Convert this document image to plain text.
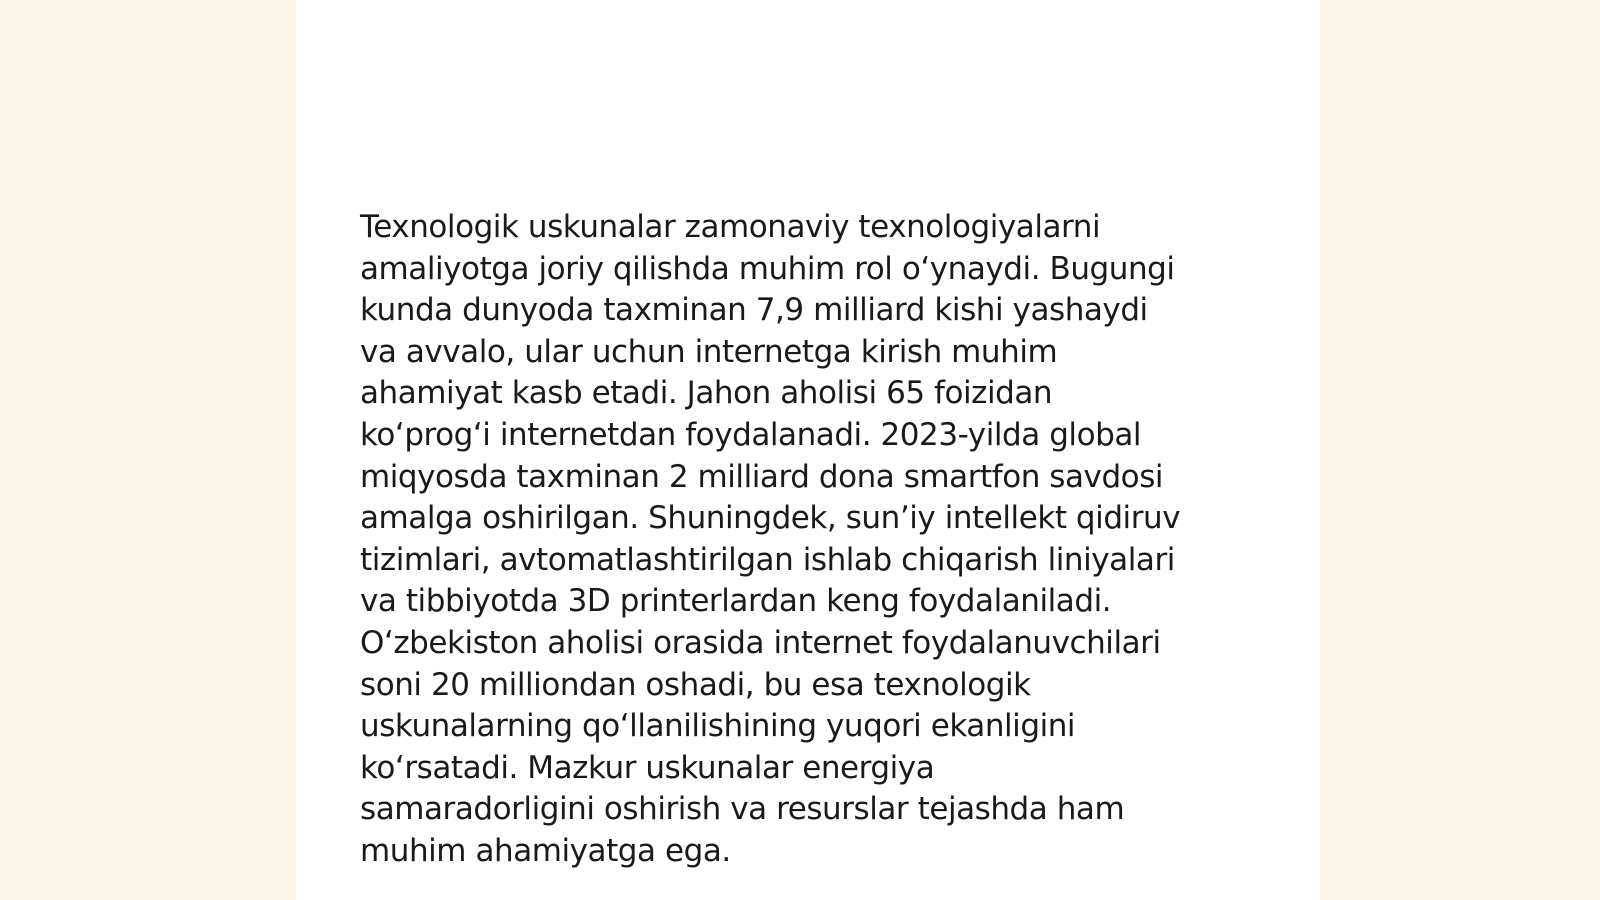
Texnologik uskunalar zamonaviy texnologiyalarni
amaliyotga joriy qilishda muhim rol o‘ynaydi. Bugungi
kunda dunyoda taxminan 7,9 milliard kishi yashaydi
va avvalo, ular uchun internetga kirish muhim
ahamiyat kasb etadi. Jahon aholisi 65 foizidan
ko‘prog‘i internetdan foydalanadi. 2023-yilda global
miqyosda taxminan 2 milliard dona smartfon savdosi
amalga oshirilgan. Shuningdek, sun’iy intellekt qidiruv
tizimlari, avtomatlashtirilgan ishlab chiqarish liniyalari
va tibbiyotda 3D printerlardan keng foydalaniladi.
O‘zbekiston aholisi orasida internet foydalanuvchilari
soni 20 milliondan oshadi, bu esa texnologik
uskunalarning qo‘llanilishining yuqori ekanligini
ko‘rsatadi. Mazkur uskunalar energiya
samaradorligini oshirish va resurslar tejashda ham
muhim ahamiyatga ega.
